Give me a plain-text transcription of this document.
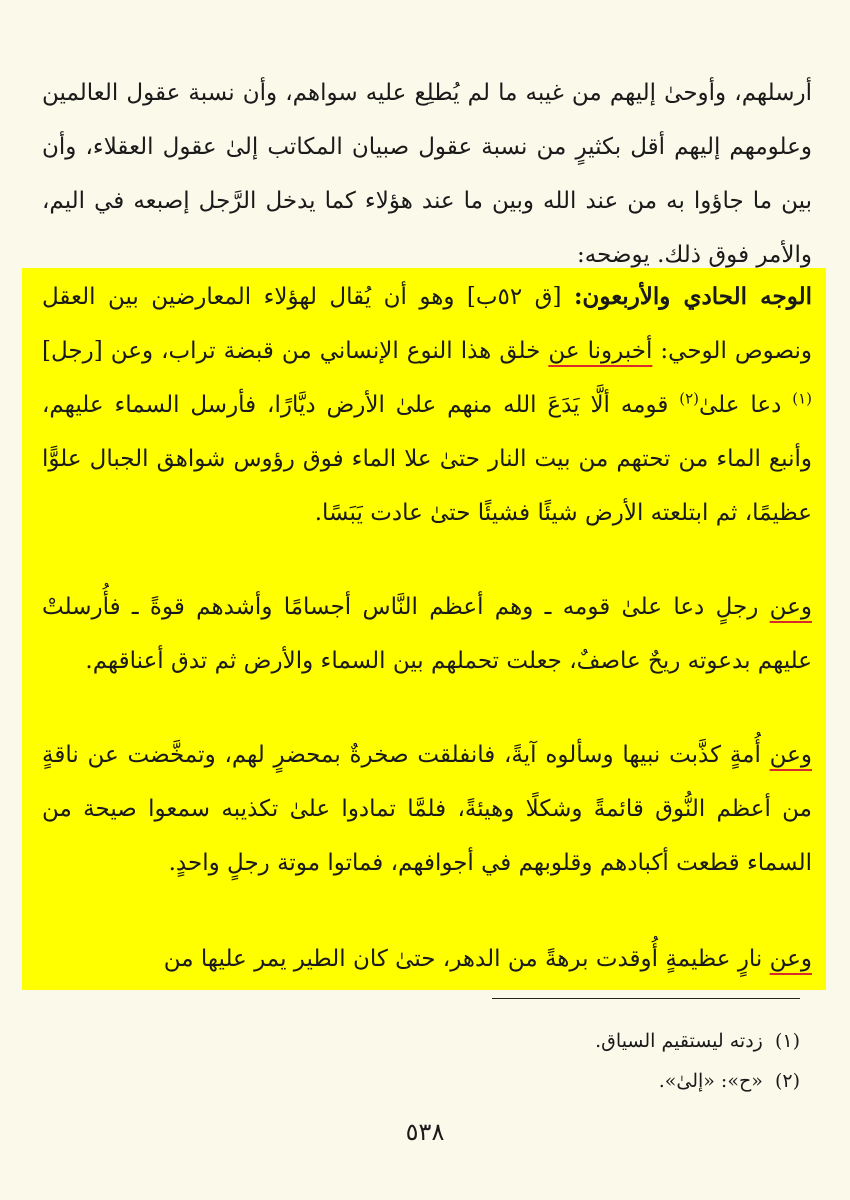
أرسلهم، وأوحىٰ إليهم من غيبه ما لم يُطلِع عليه سواهم، وأن نسبة عقول العالمين وعلومهم إليهم أقل بكثيرٍ من نسبة عقول صبيان المكاتب إلىٰ عقول العقلاء، وأن بين ما جاؤوا به من عند الله وبين ما عند هؤلاء كما يدخل الرَّجل إصبعه في اليم، والأمر فوق ذلك. يوضحه:

الوجه الحادي والأربعون: [ق ٥٢ب] وهو أن يُقال لهؤلاء المعارضين بين العقل ونصوص الوحي: أخبرونا عن خلق هذا النوع الإنساني من قبضة تراب، وعن [رجل]$^{(١)}$ دعا علىٰ$^{(٢)}$ قومه ألَّا يَدَعَ الله منهم علىٰ الأرض ديَّارًا، فأرسل السماء عليهم، وأنبع الماء من تحتهم من بيت النار حتىٰ علا الماء فوق رؤوس شواهق الجبال علوًّا عظيمًا، ثم ابتلعته الأرض شيئًا فشيئًا حتىٰ عادت يَبَسًا.

وعن رجلٍ دعا علىٰ قومه ـ وهم أعظم النَّاس أجسامًا وأشدهم قوةً ـ فأُرسلتْ عليهم بدعوته ريحٌ عاصفٌ، جعلت تحملهم بين السماء والأرض ثم تدق أعناقهم.

وعن أُمةٍ كذَّبت نبيها وسألوه آيةً، فانفلقت صخرةٌ بمحضرٍ لهم، وتمخَّضت عن ناقةٍ من أعظم النُّوق قائمةً وشكلًا وهيئةً، فلمَّا تمادوا علىٰ تكذيبه سمعوا صيحة من السماء قطعت أكبادهم وقلوبهم في أجوافهم، فماتوا موتة رجلٍ واحدٍ.

وعن نارٍ عظيمةٍ أُوقدت برهةً من الدهر، حتىٰ كان الطير يمر عليها من

(١)  زدته ليستقيم السياق.
(٢)  «ح»: «إلىٰ».
٥٣٨
